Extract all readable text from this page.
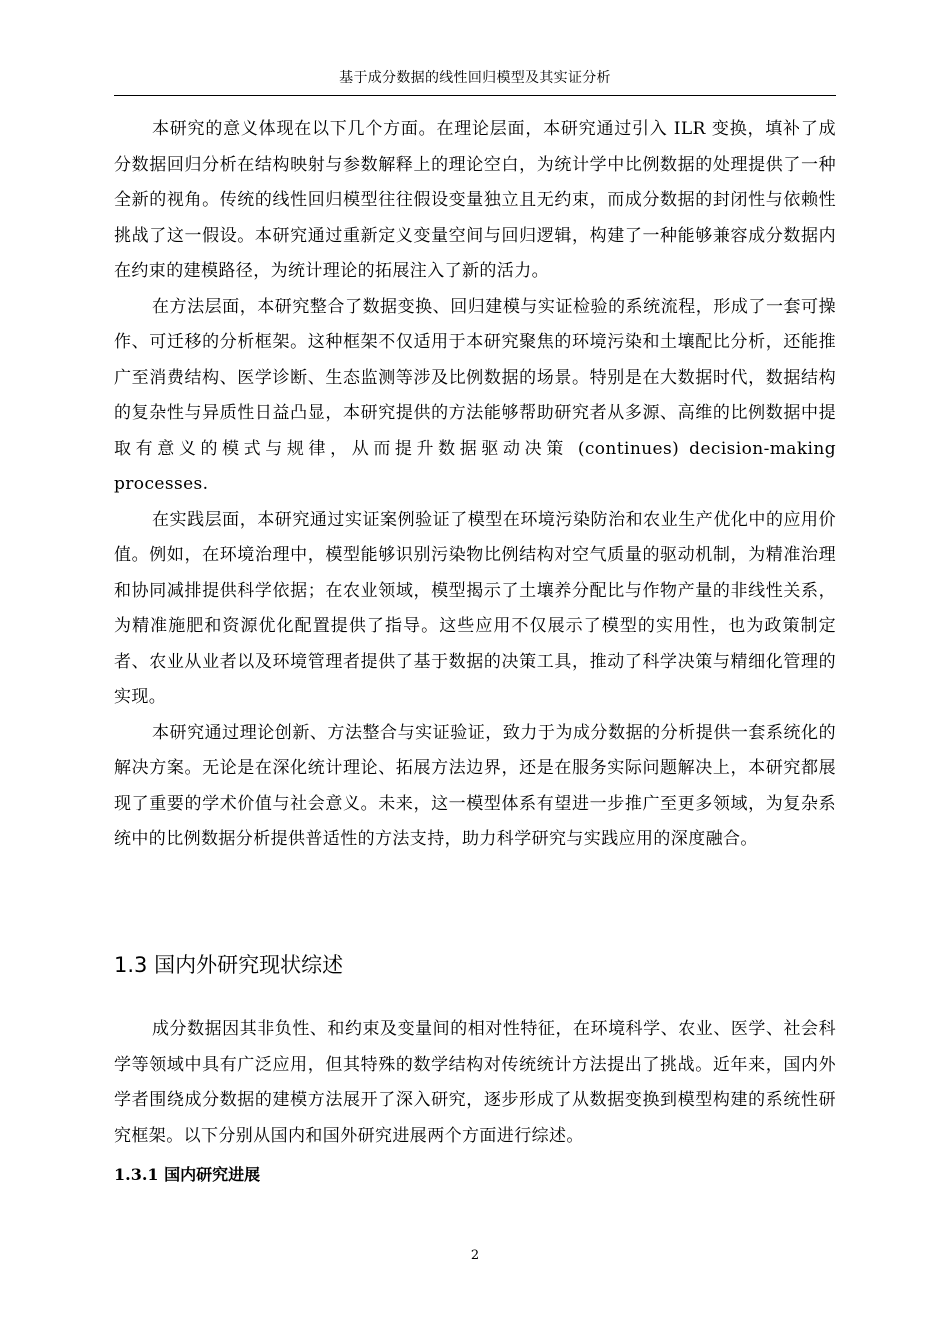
基于成分数据的线性回归模型及其实证分析

本研究的意义体现在以下几个方面。在理论层面，本研究通过引入 ILR 变换，填补了成分数据回归分析在结构映射与参数解释上的理论空白，为统计学中比例数据的处理提供了一种全新的视角。传统的线性回归模型往往假设变量独立且无约束，而成分数据的封闭性与依赖性挑战了这一假设。本研究通过重新定义变量空间与回归逻辑，构建了一种能够兼容成分数据内在约束的建模路径，为统计理论的拓展注入了新的活力。

在方法层面，本研究整合了数据变换、回归建模与实证检验的系统流程，形成了一套可操作、可迁移的分析框架。这种框架不仅适用于本研究聚焦的环境污染和土壤配比分析，还能推广至消费结构、医学诊断、生态监测等涉及比例数据的场景。特别是在大数据时代，数据结构的复杂性与异质性日益凸显，本研究提供的方法能够帮助研究者从多源、高维的比例数据中提取有意义的模式与规律，从而提升数据驱动决策 (continues) decision-making processes.

在实践层面，本研究通过实证案例验证了模型在环境污染防治和农业生产优化中的应用价值。例如，在环境治理中，模型能够识别污染物比例结构对空气质量的驱动机制，为精准治理和协同减排提供科学依据；在农业领域，模型揭示了土壤养分配比与作物产量的非线性关系，为精准施肥和资源优化配置提供了指导。这些应用不仅展示了模型的实用性，也为政策制定者、农业从业者以及环境管理者提供了基于数据的决策工具，推动了科学决策与精细化管理的实现。

本研究通过理论创新、方法整合与实证验证，致力于为成分数据的分析提供一套系统化的解决方案。无论是在深化统计理论、拓展方法边界，还是在服务实际问题解决上，本研究都展现了重要的学术价值与社会意义。未来，这一模型体系有望进一步推广至更多领域，为复杂系统中的比例数据分析提供普适性的方法支持，助力科学研究与实践应用的深度融合。

1.3 国内外研究现状综述

成分数据因其非负性、和约束及变量间的相对性特征，在环境科学、农业、医学、社会科学等领域中具有广泛应用，但其特殊的数学结构对传统统计方法提出了挑战。近年来，国内外学者围绕成分数据的建模方法展开了深入研究，逐步形成了从数据变换到模型构建的系统性研究框架。以下分别从国内和国外研究进展两个方面进行综述。

1.3.1 国内研究进展
2
